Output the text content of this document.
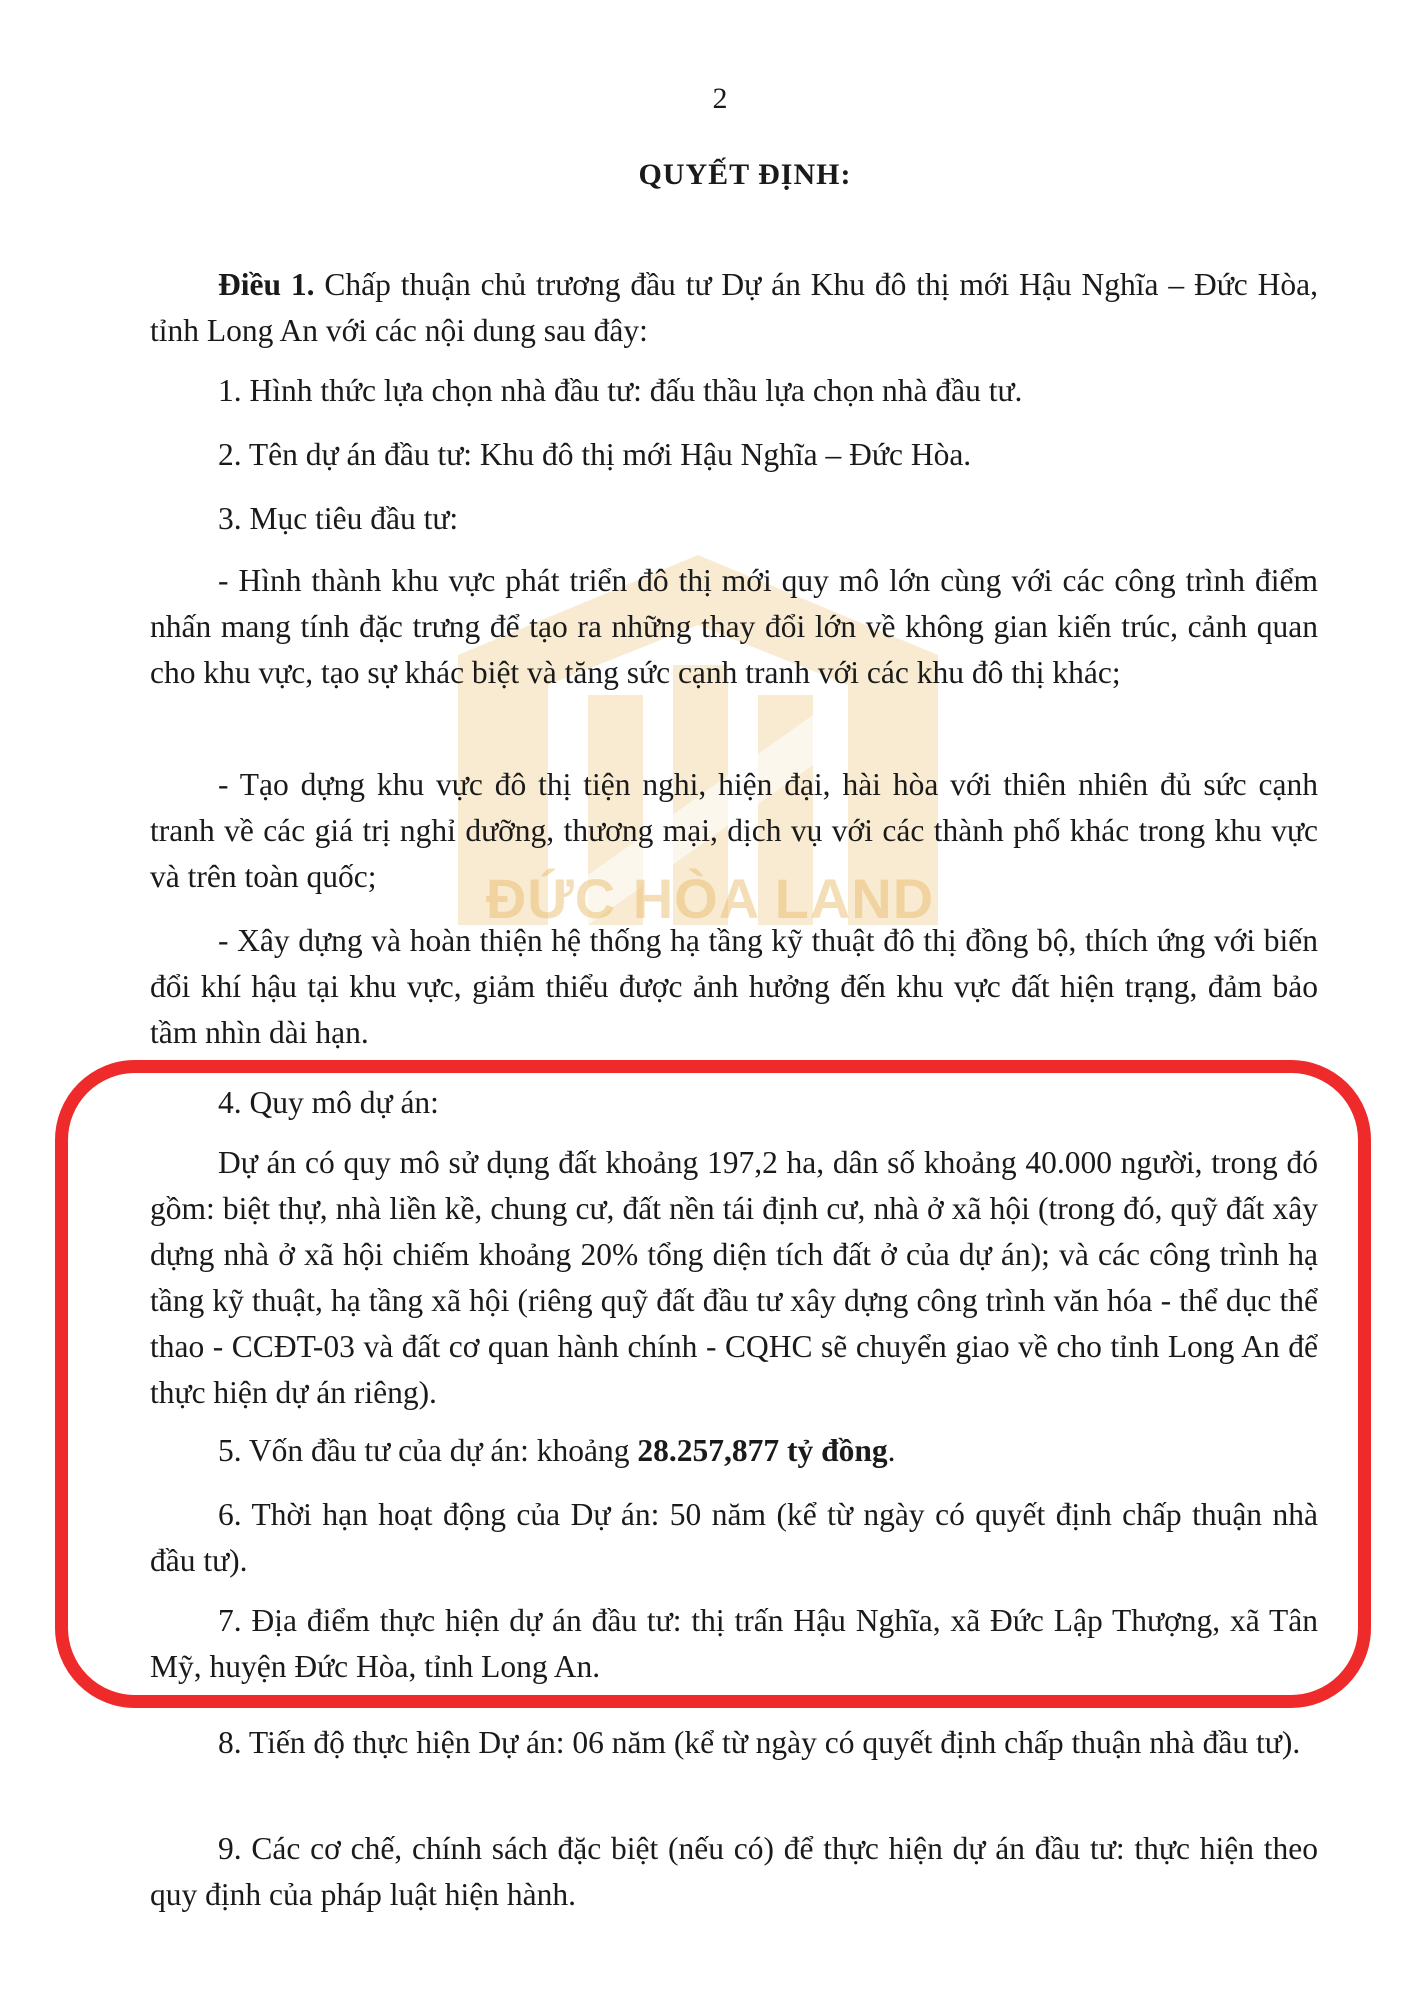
ĐỨC HÒA LAND
2
QUYẾT ĐỊNH:

Điều 1. Chấp thuận chủ trương đầu tư Dự án Khu đô thị mới Hậu Nghĩa – Đức Hòa, tỉnh Long An với các nội dung sau đây:

1. Hình thức lựa chọn nhà đầu tư: đấu thầu lựa chọn nhà đầu tư.

2. Tên dự án đầu tư: Khu đô thị mới Hậu Nghĩa – Đức Hòa.

3. Mục tiêu đầu tư:

- Hình thành khu vực phát triển đô thị mới quy mô lớn cùng với các công trình điểm nhấn mang tính đặc trưng để tạo ra những thay đổi lớn về không gian kiến trúc, cảnh quan cho khu vực, tạo sự khác biệt và tăng sức cạnh tranh với các khu đô thị khác;

- Tạo dựng khu vực đô thị tiện nghi, hiện đại, hài hòa với thiên nhiên đủ sức cạnh tranh về các giá trị nghỉ dưỡng, thương mại, dịch vụ với các thành phố khác trong khu vực và trên toàn quốc;

- Xây dựng và hoàn thiện hệ thống hạ tầng kỹ thuật đô thị đồng bộ, thích ứng với biến đổi khí hậu tại khu vực, giảm thiểu được ảnh hưởng đến khu vực đất hiện trạng, đảm bảo tầm nhìn dài hạn.

4. Quy mô dự án:

Dự án có quy mô sử dụng đất khoảng 197,2 ha, dân số khoảng 40.000 người, trong đó gồm: biệt thự, nhà liền kề, chung cư, đất nền tái định cư, nhà ở xã hội (trong đó, quỹ đất xây dựng nhà ở xã hội chiếm khoảng 20% tổng diện tích đất ở của dự án); và các công trình hạ tầng kỹ thuật, hạ tầng xã hội (riêng quỹ đất đầu tư xây dựng công trình văn hóa - thể dục thể thao - CCĐT-03 và đất cơ quan hành chính - CQHC sẽ chuyển giao về cho tỉnh Long An để thực hiện dự án riêng).

5. Vốn đầu tư của dự án: khoảng 28.257,877 tỷ đồng.

6. Thời hạn hoạt động của Dự án: 50 năm (kể từ ngày có quyết định chấp thuận nhà đầu tư).

7. Địa điểm thực hiện dự án đầu tư: thị trấn Hậu Nghĩa, xã Đức Lập Thượng, xã Tân Mỹ, huyện Đức Hòa, tỉnh Long An.

8. Tiến độ thực hiện Dự án: 06 năm (kể từ ngày có quyết định chấp thuận nhà đầu tư).

9. Các cơ chế, chính sách đặc biệt (nếu có) để thực hiện dự án đầu tư: thực hiện theo quy định của pháp luật hiện hành.
